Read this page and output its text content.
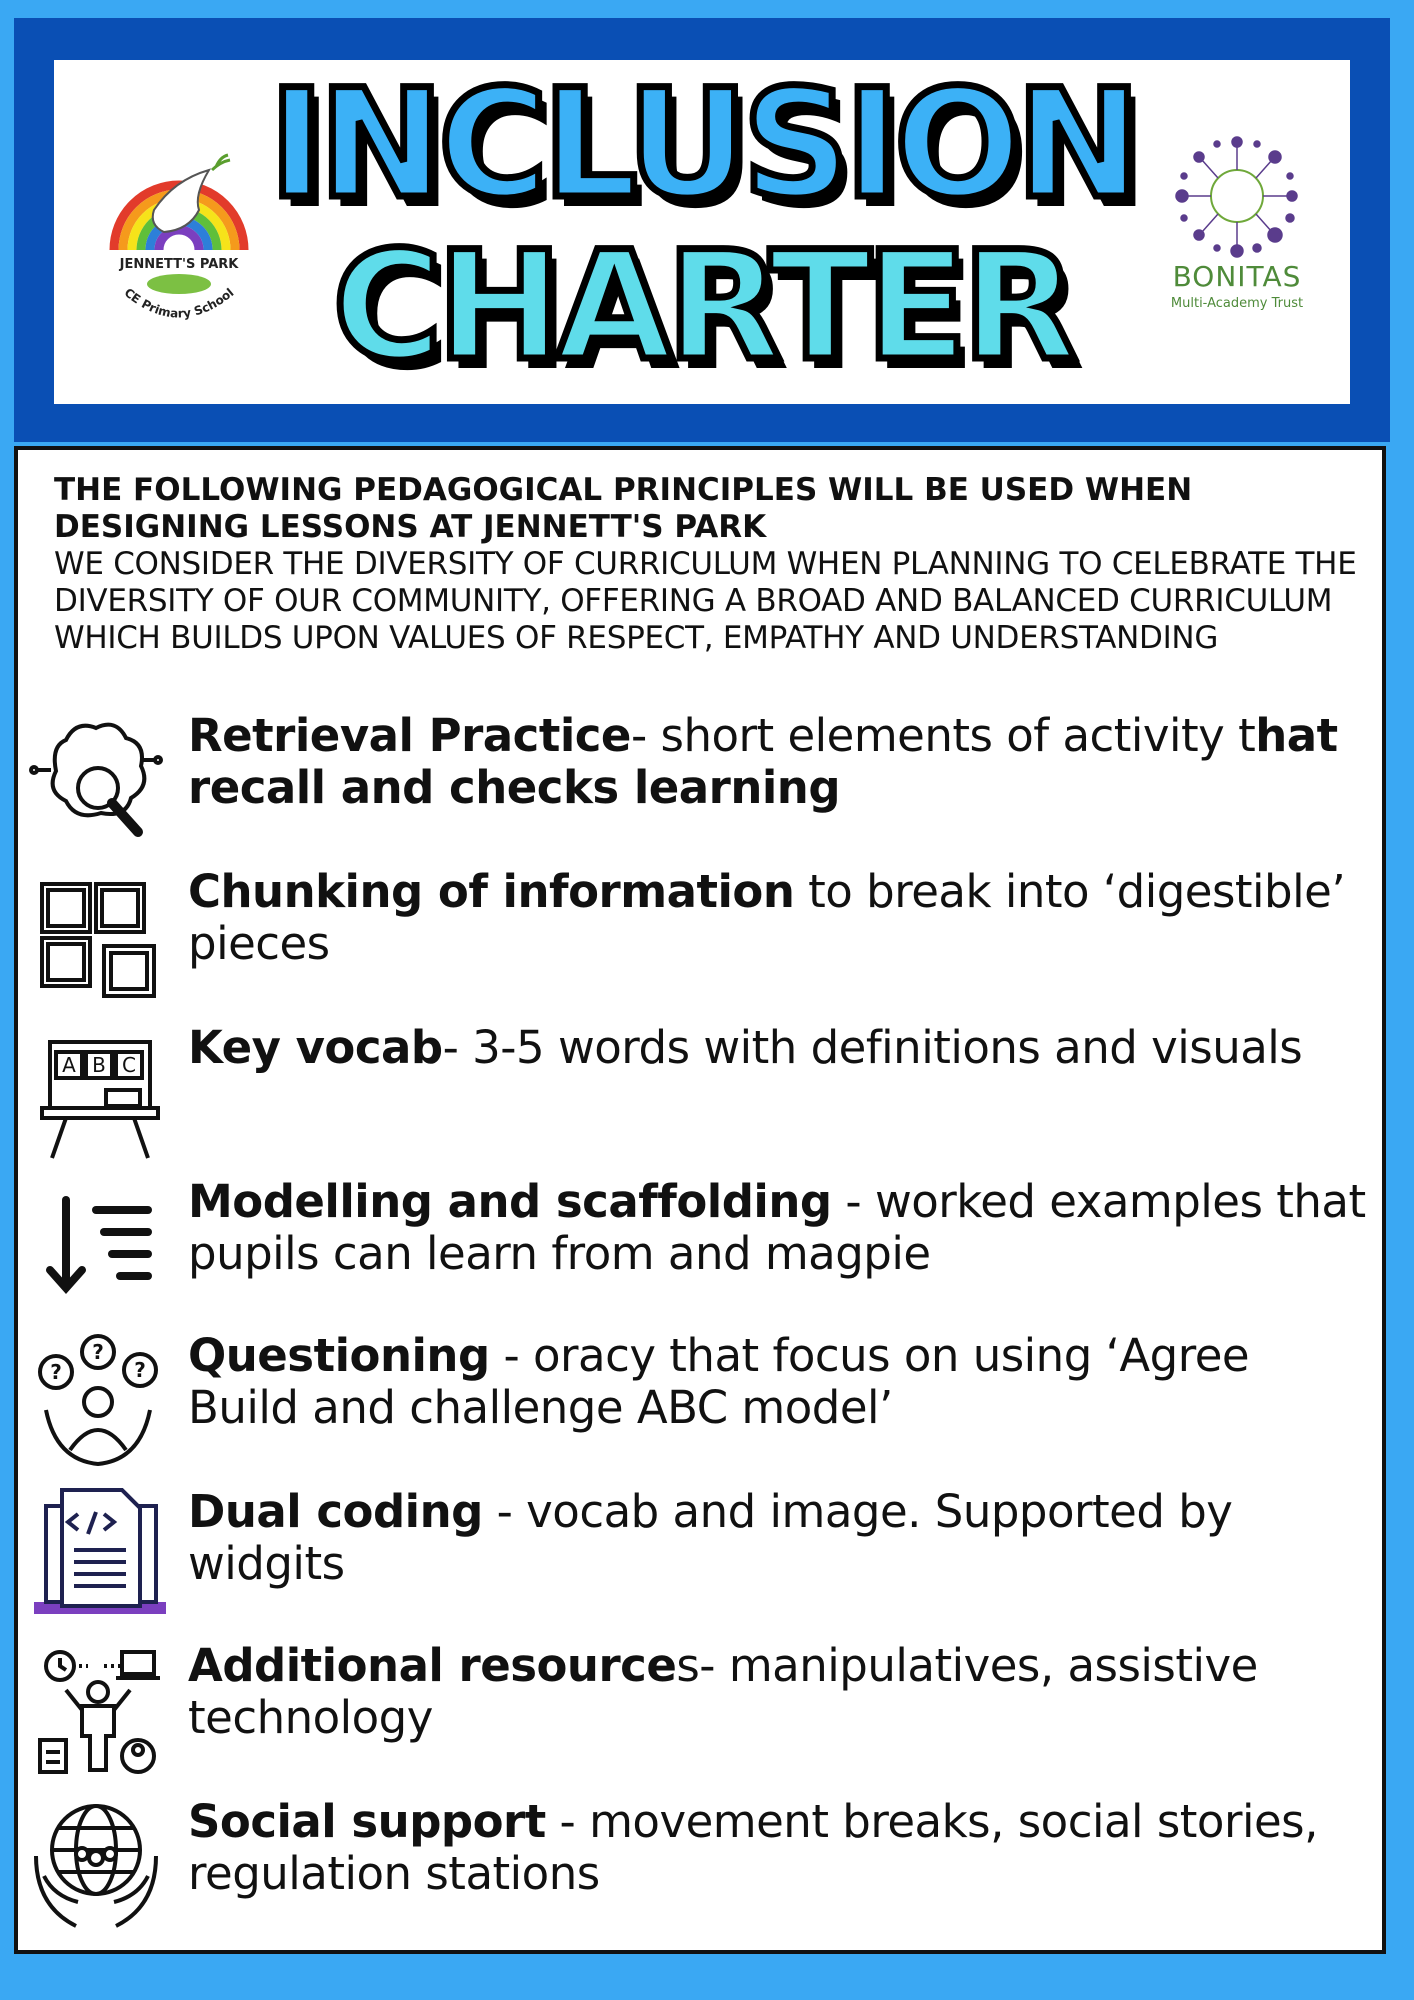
INCLUSION
CHARTER
JENNETT'S PARK
CE Primary School	BONITAS
Multi-Academy Trust
THE FOLLOWING PEDAGOGICAL PRINCIPLES WILL BE USED WHEN DESIGNING LESSONS AT JENNETT'S PARK
WE CONSIDER THE DIVERSITY OF CURRICULUM WHEN PLANNING TO CELEBRATE THE DIVERSITY OF OUR COMMUNITY, OFFERING A BROAD AND BALANCED CURRICULUM WHICH BUILDS UPON VALUES OF RESPECT, EMPATHY AND UNDERSTANDING
Retrieval Practice- short elements of activity that recall and checks learning
Chunking of information to break into ‘digestible’ pieces
A B C Key vocab- 3-5 words with definitions and visuals
Modelling and scaffolding - worked examples that pupils can learn from and magpie
?
?
? Questioning - oracy that focus on using ‘Agree Build and challenge ABC model’
Dual coding - vocab and image. Supported by widgits
Additional resources- manipulatives, assistive technology
Social support - movement breaks, social stories, regulation stations
